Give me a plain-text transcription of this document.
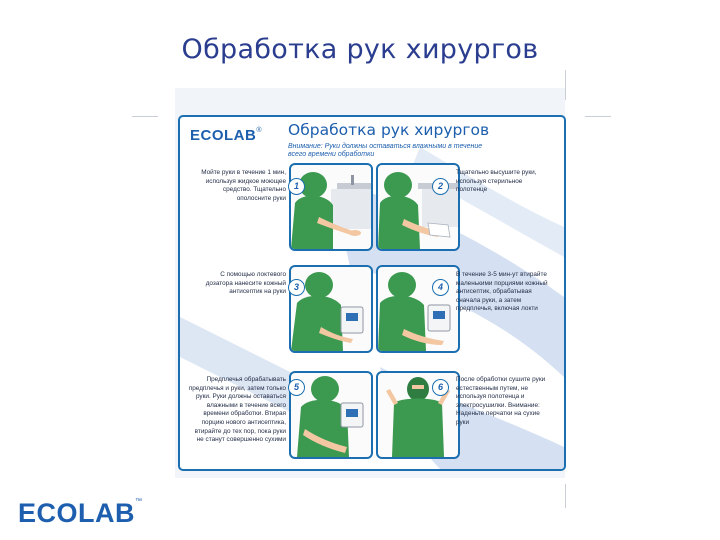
Обработка рук хирургов
ECOLAB® Обработка рук хирургов
Внимание: Руки должны оставаться влажными в течение всего времени обработки
Мойте руки в течение 1 мин, используя жидкое моющее средство. Тщательно ополосните руки
1	2
Тщательно высушите руки, используя стерильное полотенце
С помощью локтевого дозатора нанесите кожный антисептик на руки 3	4
В течение 3-5 мин-ут втирайте маленькими порциями кожный антисептик, обрабатывая сначала руки, а затем предплечья, включая локти
Предплечья обрабатывать предплечья и руки, затем только руки. Руки должны оставаться влажными в течение всего времени обработки. Втирая порцию нового антисептика, втирайте до тех пор, пока руки не станут совершенно сухими
5	6
После обработки сушите руки естественным путем, не используя полотенца и электросушилки. Внимание: Наденьте перчатки на сухие руки
ECOLAB™
